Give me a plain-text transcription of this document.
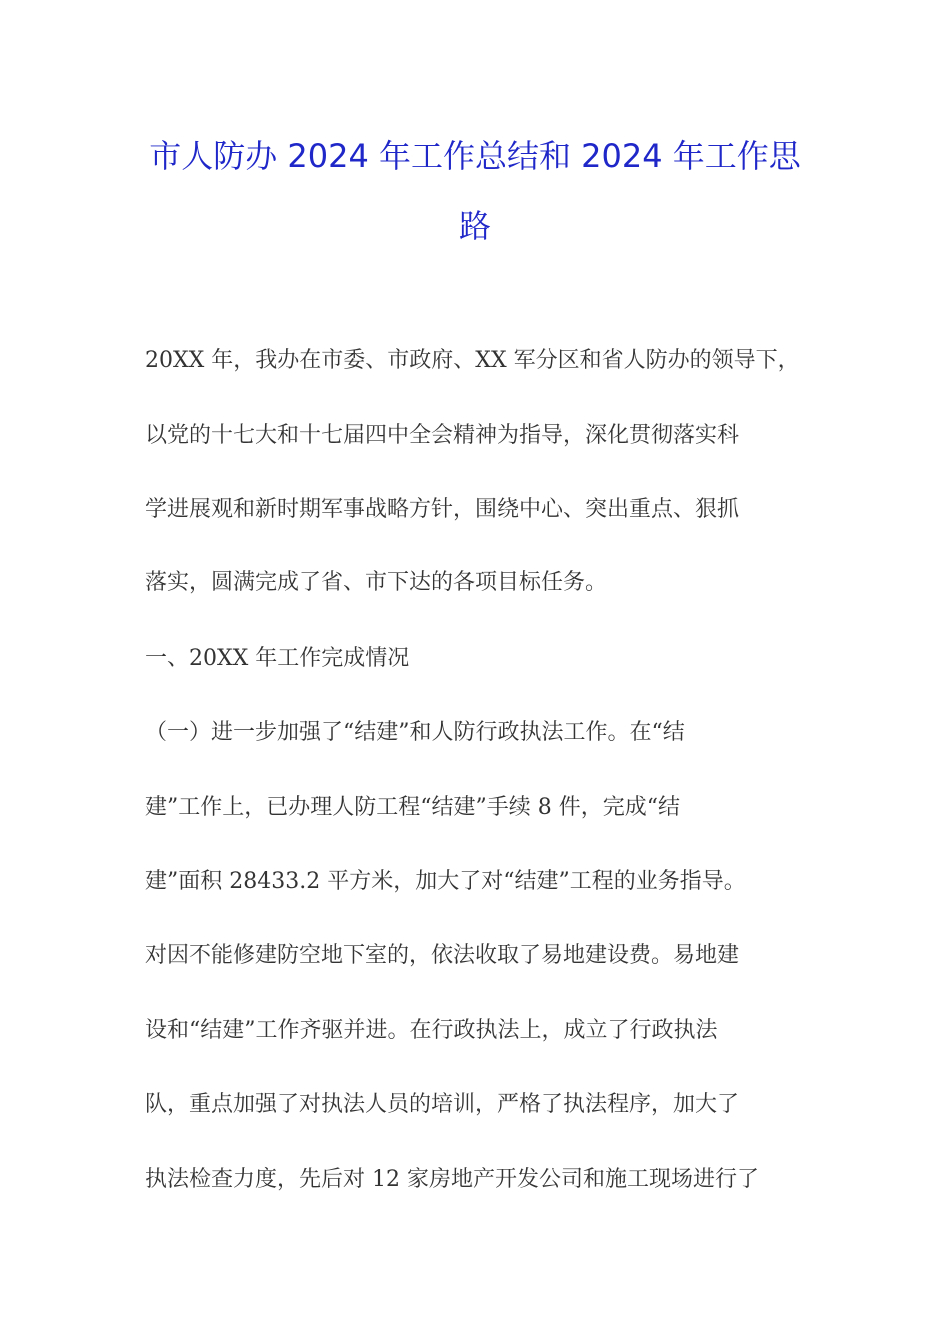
市人防办 2024 年工作总结和 2024 年工作思
路
20XX 年，我办在市委、市政府、XX 军分区和省人防办的领导下，
以党的十七大和十七届四中全会精神为指导，深化贯彻落实科
学进展观和新时期军事战略方针，围绕中心、突出重点、狠抓
落实，圆满完成了省、市下达的各项目标任务。
一、20XX 年工作完成情况
（一）进一步加强了“结建”和人防行政执法工作。在“结
建”工作上，已办理人防工程“结建”手续 8 件，完成“结
建”面积 28433.2 平方米，加大了对“结建”工程的业务指导。
对因不能修建防空地下室的，依法收取了易地建设费。易地建
设和“结建”工作齐驱并进。在行政执法上，成立了行政执法
队，重点加强了对执法人员的培训，严格了执法程序，加大了
执法检查力度，先后对 12 家房地产开发公司和施工现场进行了
